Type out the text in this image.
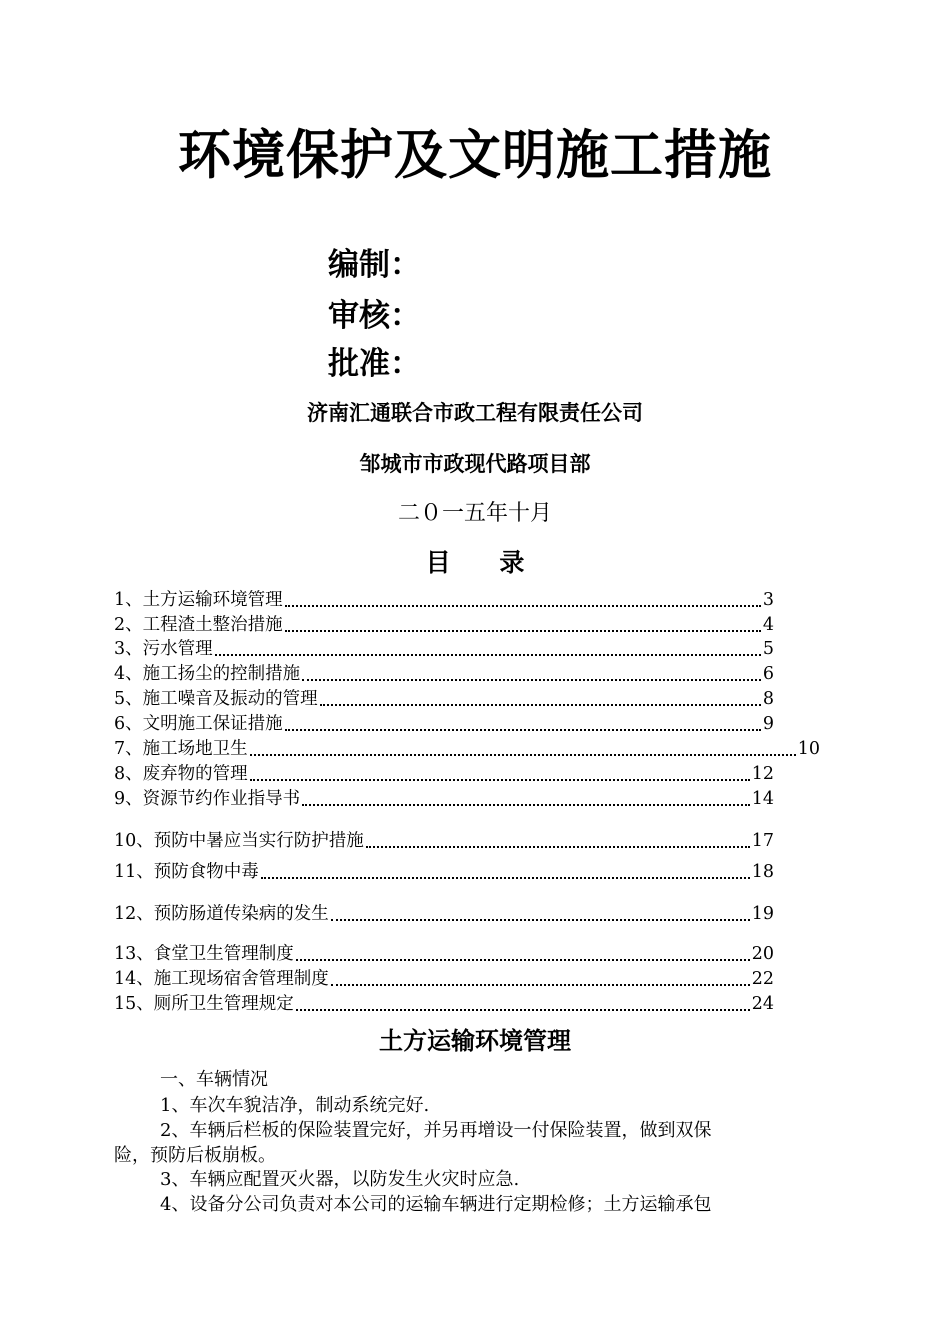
环境保护及文明施工措施
编制：
审核：
批准：
济南汇通联合市政工程有限责任公司
邹城市市政现代路项目部
二０一五年十月
目 录
1、土方运输环境管理	3
2、工程渣土整治措施	4
3、污水管理	5
4、施工扬尘的控制措施	6
5、施工噪音及振动的管理	8
6、文明施工保证措施	9
7、施工场地卫生	10
8、废弃物的管理	12
9、资源节约作业指导书	14
10、预防中暑应当实行防护措施	17
11、预防食物中毒	18
12、预防肠道传染病的发生	19
13、食堂卫生管理制度	20
14、施工现场宿舍管理制度	22
15、厕所卫生管理规定	24
土方运输环境管理
一、车辆情况
1、车次车貌洁净，制动系统完好.
2、车辆后栏板的保险装置完好，并另再增设一付保险装置，做到双保
险，预防后板崩板。
3、车辆应配置灭火器，以防发生火灾时应急.
4、设备分公司负责对本公司的运输车辆进行定期检修；土方运输承包
